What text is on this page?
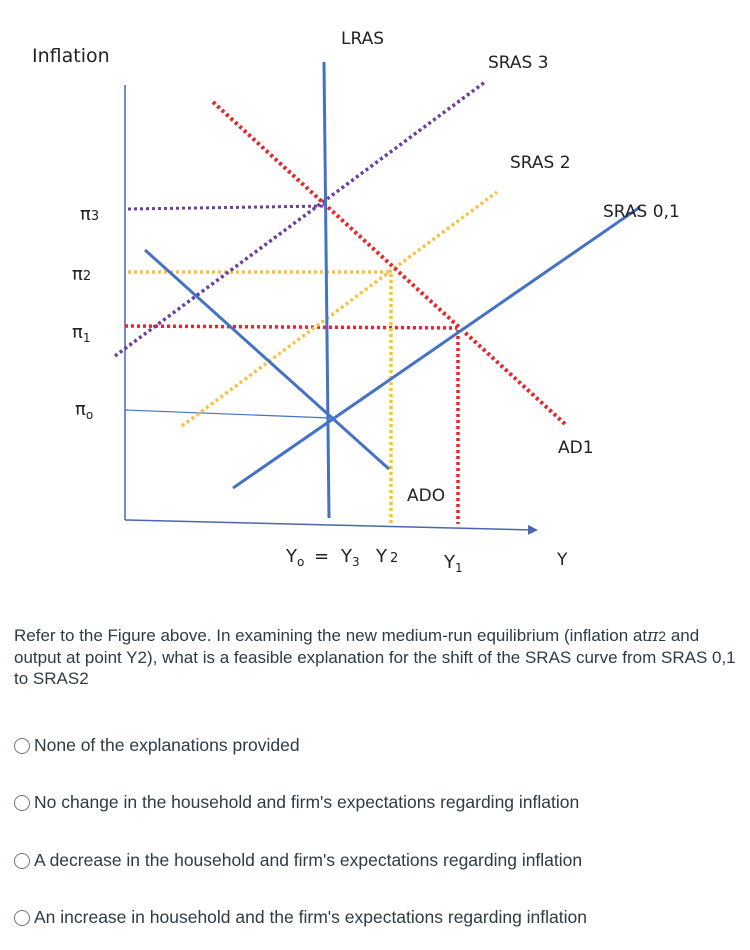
Inflation
LRAS
SRAS 3
SRAS 2
SRAS 0,1
AD1
ADO
π3
π2
$\pi_1$
$\pi_o$
$Y_o = Y_3$ Y 2	$Y_1$	Y

Refer to the Figure above. In examining the new medium-run equilibrium (inflation atπ2 and output at point Y2), what is a feasible explanation for the shift of the SRAS curve from SRAS 0,1 to SRAS2

None of the explanations provided
No change in the household and firm's expectations regarding inflation
A decrease in the household and firm's expectations regarding inflation
An increase in household and the firm's expectations regarding inflation
